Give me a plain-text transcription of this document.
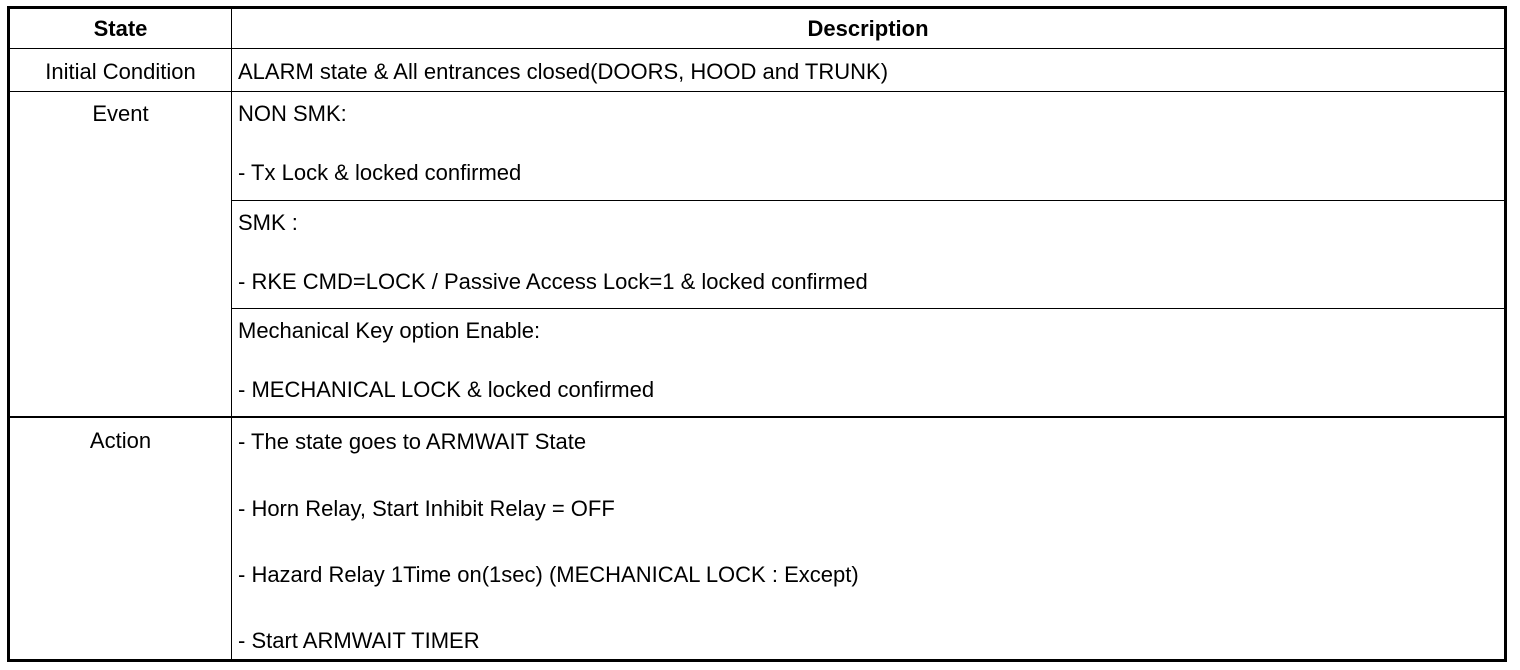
State	Description
Initial Condition	ALARM state & All entrances closed(DOORS, HOOD and TRUNK)
Event	NON SMK:
- Tx Lock & locked confirmed
SMK :
- RKE CMD=LOCK / Passive Access Lock=1 & locked confirmed
Mechanical Key option Enable:
- MECHANICAL LOCK & locked confirmed
Action	- The state goes to ARMWAIT State
- Horn Relay, Start Inhibit Relay = OFF
- Hazard Relay 1Time on(1sec) (MECHANICAL LOCK : Except)
- Start ARMWAIT TIMER
